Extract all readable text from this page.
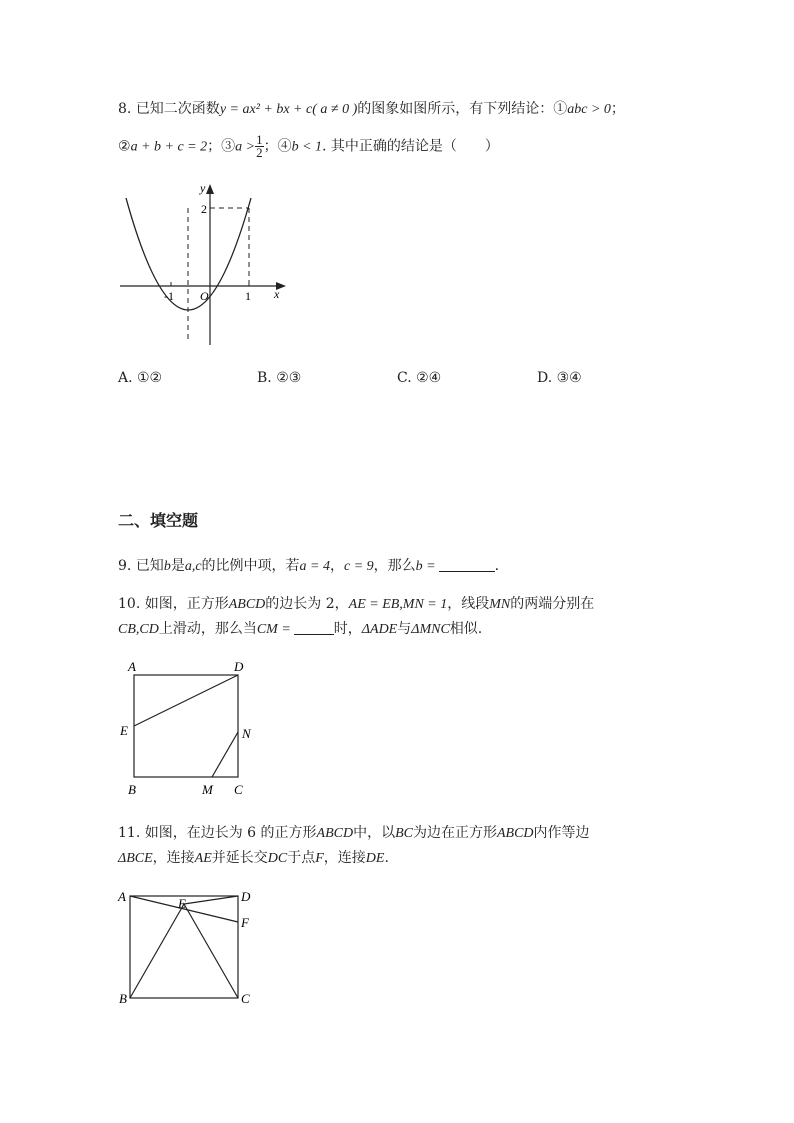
8. 已知二次函数y = ax² + bx + c( a ≠ 0 )的图象如图所示，有下列结论：①abc > 0；
②a + b + c = 2；③a > $\frac{1}{2}$ ；④b < 1. 其中正确的结论是（　　）
y
x
O
-1	1
2
A. ①②	B. ②③	C. ②④	D. ③④
二、填空题
9. 已知b是a,c的比例中项，若a = 4，c = 9，那么b =	.
10. 如图，正方形ABCD的边长为 2，AE = EB,MN = 1，线段MN的两端分别在
CB,CD上滑动，那么当CM =	时，ΔADE与ΔMNC相似.
A	D
E	N
B	M C
11. 如图，在边长为 6 的正方形ABCD中，以BC为边在正方形ABCD内作等边
ΔBCE，连接AE并延长交DC于点F，连接DE.
A	D
E
F
B	C
